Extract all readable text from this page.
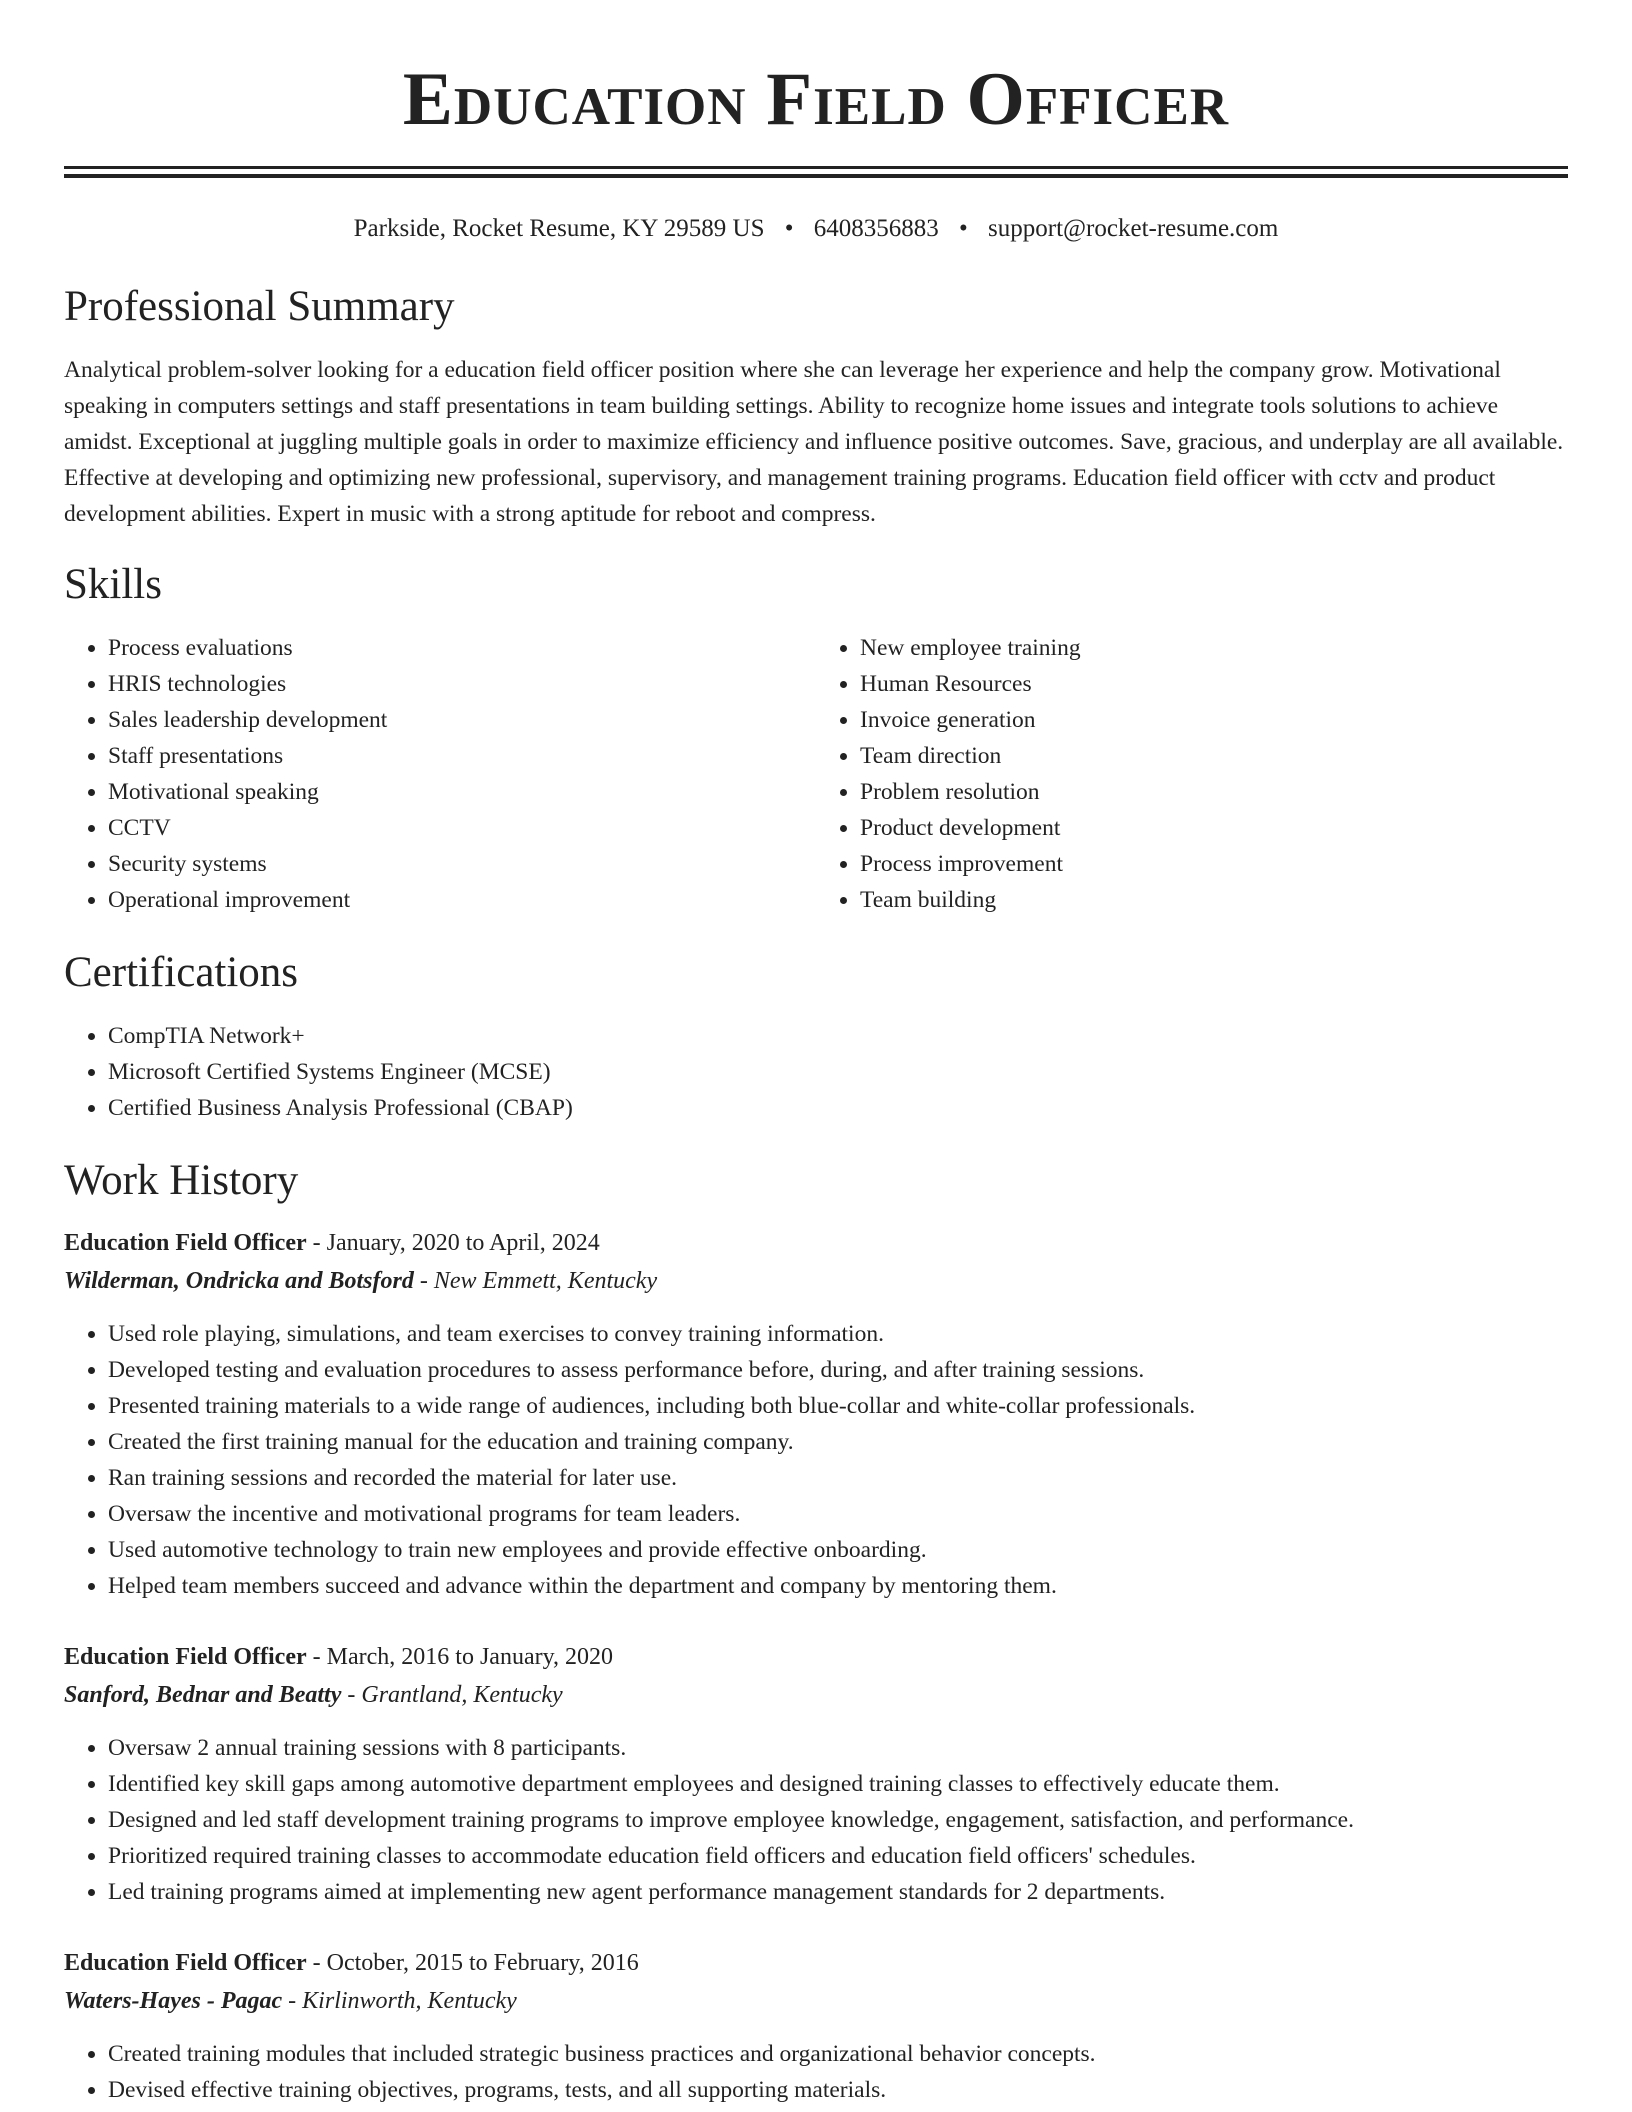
Education Field Officer
Parkside, Rocket Resume, KY 29589 US • 6408356883 • support@rocket-resume.com
Professional Summary

Analytical problem-solver looking for a education field officer position where she can leverage her experience and help the company grow. Motivational speaking in computers settings and staff presentations in team building settings. Ability to recognize home issues and integrate tools solutions to achieve amidst. Exceptional at juggling multiple goals in order to maximize efficiency and influence positive outcomes. Save, gracious, and underplay are all available. Effective at developing and optimizing new professional, supervisory, and management training programs. Education field officer with cctv and product development abilities. Expert in music with a strong aptitude for reboot and compress.

Skills
• Process evaluations
• HRIS technologies
• Sales leadership development
• Staff presentations
• Motivational speaking
• CCTV
• Security systems
• Operational improvement
• New employee training
• Human Resources
• Invoice generation
• Team direction
• Problem resolution
• Product development
• Process improvement
• Team building
Certifications
• CompTIA Network+
• Microsoft Certified Systems Engineer (MCSE)
• Certified Business Analysis Professional (CBAP)
Work History
Education Field Officer - January, 2020 to April, 2024
Wilderman, Ondricka and Botsford - New Emmett, Kentucky
• Used role playing, simulations, and team exercises to convey training information.
• Developed testing and evaluation procedures to assess performance before, during, and after training sessions.
• Presented training materials to a wide range of audiences, including both blue-collar and white-collar professionals.
• Created the first training manual for the education and training company.
• Ran training sessions and recorded the material for later use.
• Oversaw the incentive and motivational programs for team leaders.
• Used automotive technology to train new employees and provide effective onboarding.
• Helped team members succeed and advance within the department and company by mentoring them.
Education Field Officer - March, 2016 to January, 2020
Sanford, Bednar and Beatty - Grantland, Kentucky
• Oversaw 2 annual training sessions with 8 participants.
• Identified key skill gaps among automotive department employees and designed training classes to effectively educate them.
• Designed and led staff development training programs to improve employee knowledge, engagement, satisfaction, and performance.
• Prioritized required training classes to accommodate education field officers and education field officers' schedules.
• Led training programs aimed at implementing new agent performance management standards for 2 departments.
Education Field Officer - October, 2015 to February, 2016
Waters-Hayes - Pagac - Kirlinworth, Kentucky
• Created training modules that included strategic business practices and organizational behavior concepts.
• Devised effective training objectives, programs, tests, and all supporting materials.
